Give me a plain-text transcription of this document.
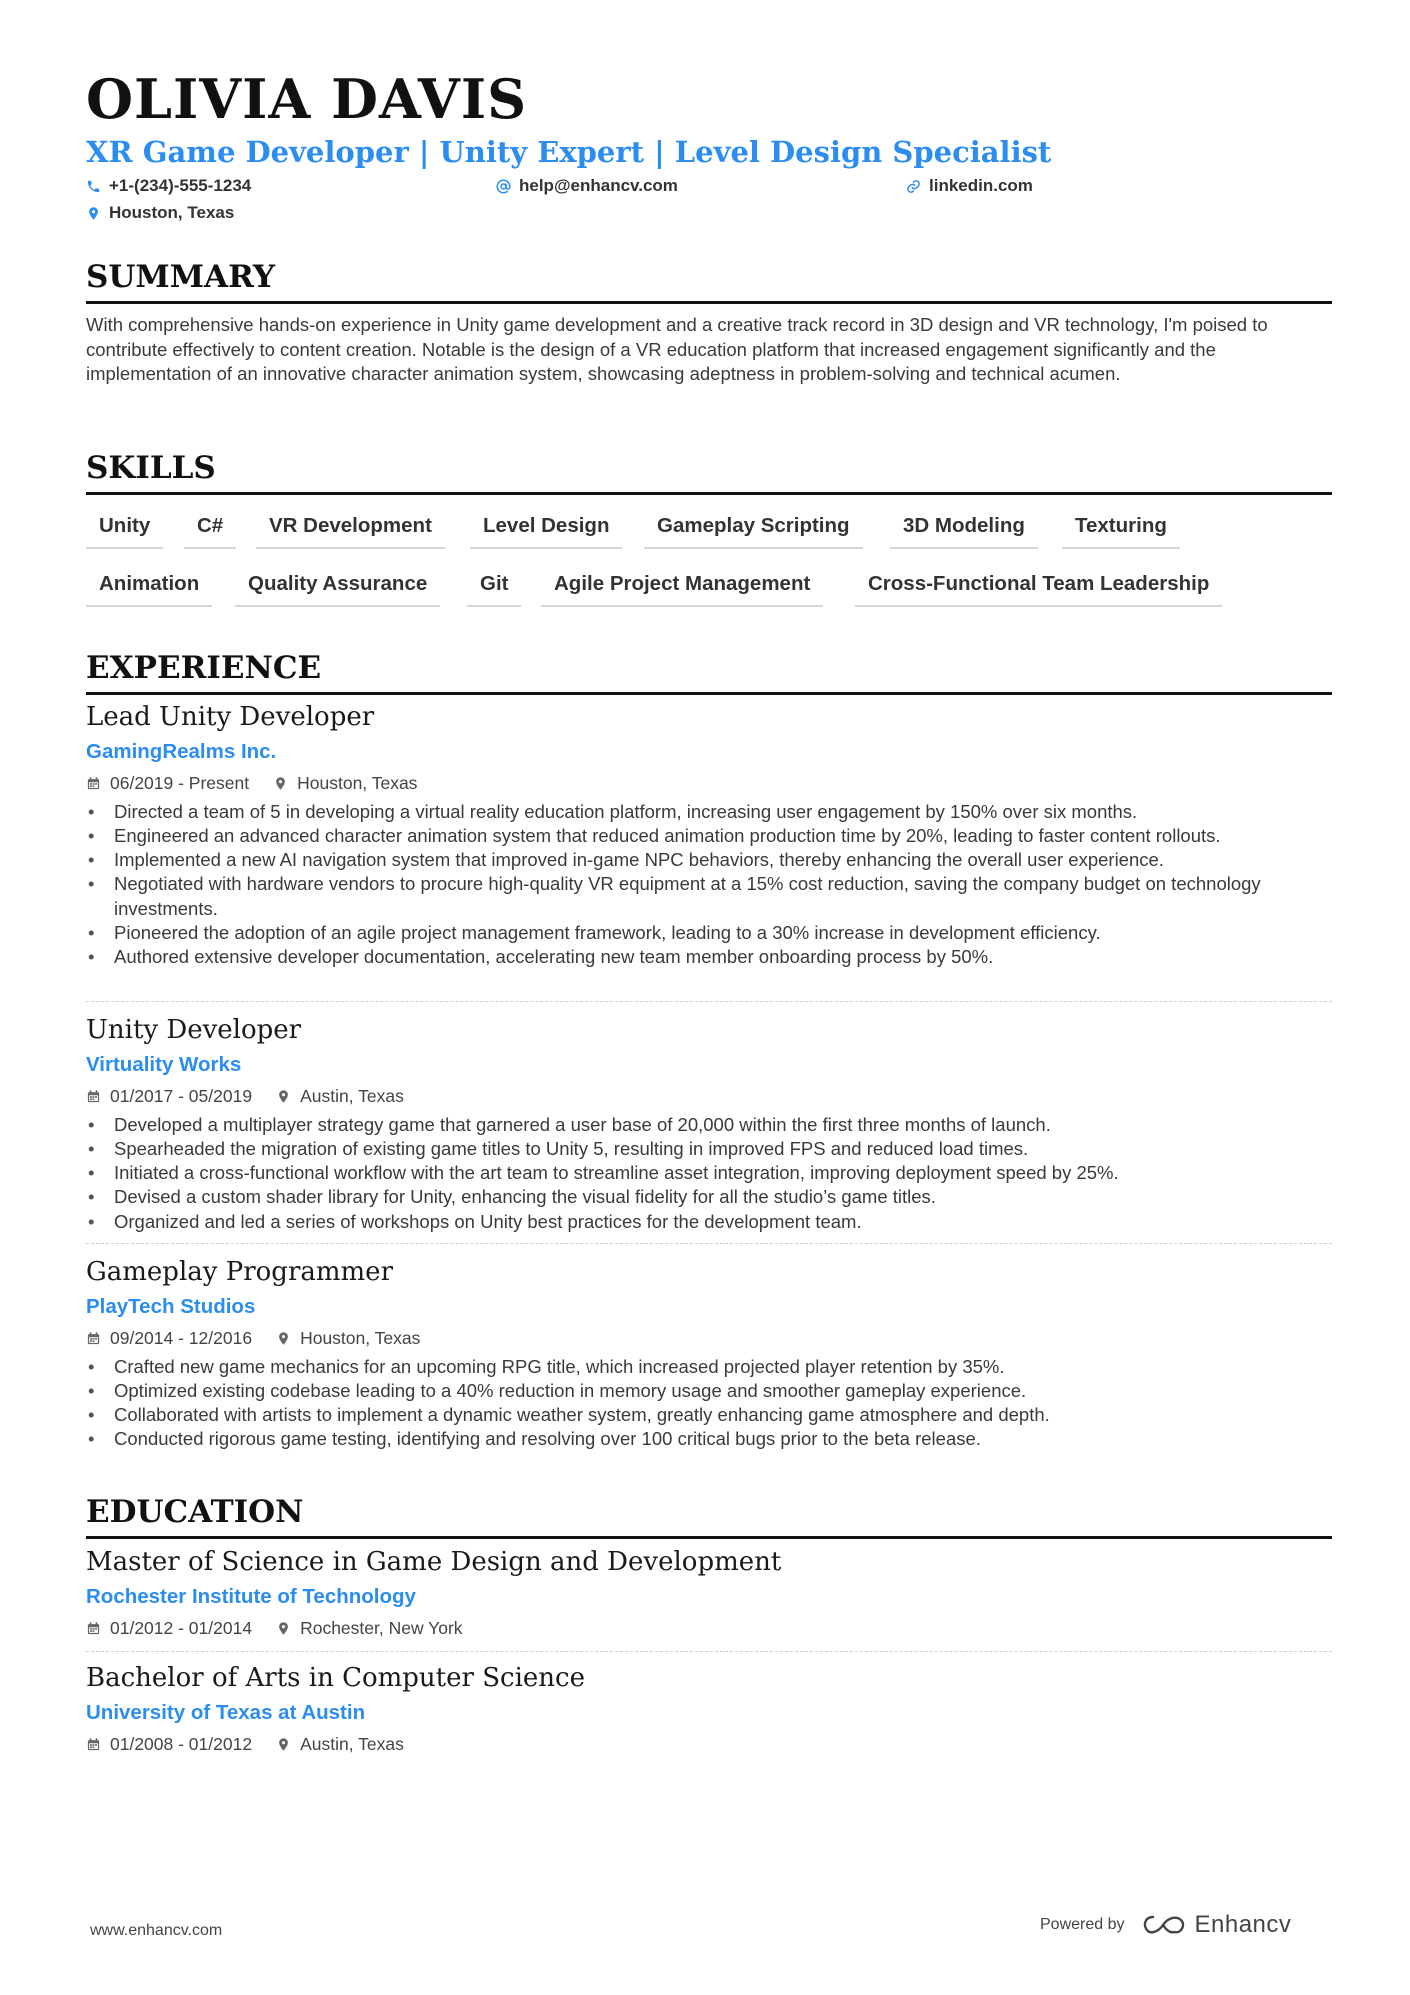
OLIVIA DAVIS
XR Game Developer | Unity Expert | Level Design Specialist
+1-(234)-555-1234	help@enhancv.com	linkedin.com
Houston, Texas
SUMMARY

With comprehensive hands-on experience in Unity game development and a creative track record in 3D design and VR technology, I'm poised to contribute effectively to content creation. Notable is the design of a VR education platform that increased engagement significantly and the implementation of an innovative character animation system, showcasing adeptness in problem-solving and technical acumen.

SKILLS
Unity	C#	VR Development	Level Design	Gameplay Scripting	3D Modeling	Texturing
Animation	Quality Assurance	Git	Agile Project Management	Cross-Functional Team Leadership
EXPERIENCE
Lead Unity Developer

GamingRealms Inc.

06/2019 - Present	Houston, Texas
• Directed a team of 5 in developing a virtual reality education platform, increasing user engagement by 150% over six months.
• Engineered an advanced character animation system that reduced animation production time by 20%, leading to faster content rollouts.
• Implemented a new AI navigation system that improved in-game NPC behaviors, thereby enhancing the overall user experience.
• Negotiated with hardware vendors to procure high-quality VR equipment at a 15% cost reduction, saving the company budget on technology investments.
• Pioneered the adoption of an agile project management framework, leading to a 30% increase in development efficiency.
• Authored extensive developer documentation, accelerating new team member onboarding process by 50%.
Unity Developer

Virtuality Works

01/2017 - 05/2019	Austin, Texas
• Developed a multiplayer strategy game that garnered a user base of 20,000 within the first three months of launch.
• Spearheaded the migration of existing game titles to Unity 5, resulting in improved FPS and reduced load times.
• Initiated a cross-functional workflow with the art team to streamline asset integration, improving deployment speed by 25%.
• Devised a custom shader library for Unity, enhancing the visual fidelity for all the studio’s game titles.
• Organized and led a series of workshops on Unity best practices for the development team.
Gameplay Programmer

PlayTech Studios

09/2014 - 12/2016	Houston, Texas
• Crafted new game mechanics for an upcoming RPG title, which increased projected player retention by 35%.
• Optimized existing codebase leading to a 40% reduction in memory usage and smoother gameplay experience.
• Collaborated with artists to implement a dynamic weather system, greatly enhancing game atmosphere and depth.
• Conducted rigorous game testing, identifying and resolving over 100 critical bugs prior to the beta release.
EDUCATION
Master of Science in Game Design and Development

Rochester Institute of Technology

01/2012 - 01/2014	Rochester, New York
Bachelor of Arts in Computer Science

University of Texas at Austin

01/2008 - 01/2012	Austin, Texas
www.enhancv.com	Powered by	Enhancv
